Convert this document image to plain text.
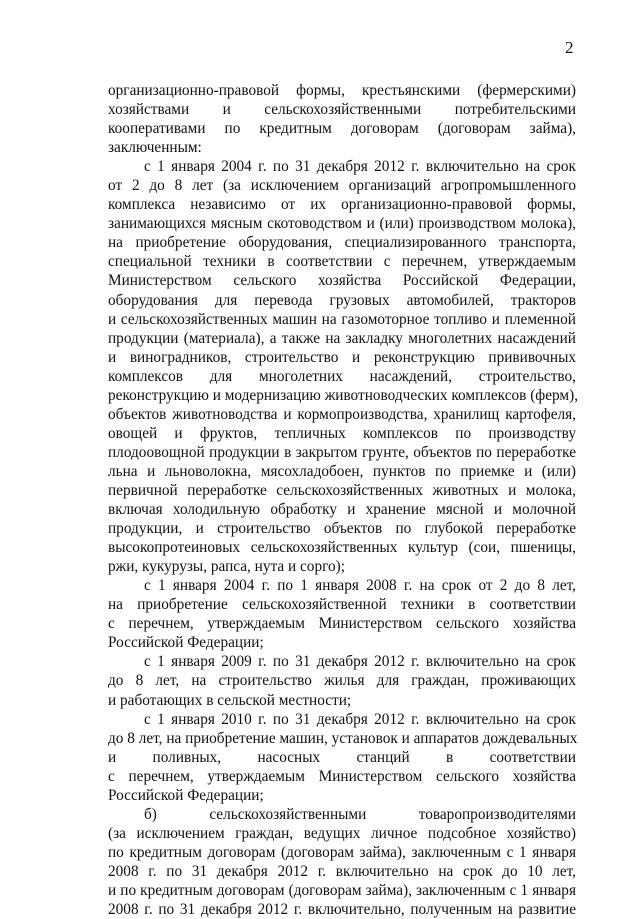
2
организационно-правовой формы, крестьянскими (фермерскими)
хозяйствами и сельскохозяйственными потребительскими
кооперативами по кредитным договорам (договорам займа),
заключенным:
с 1 января 2004 г. по 31 декабря 2012 г. включительно на срок
от 2 до 8 лет (за исключением организаций агропромышленного
комплекса независимо от их организационно-правовой формы,
занимающихся мясным скотоводством и (или) производством молока),
на приобретение оборудования, специализированного транспорта,
специальной техники в соответствии с перечнем, утверждаемым
Министерством сельского хозяйства Российской Федерации,
оборудования для перевода грузовых автомобилей, тракторов
и сельскохозяйственных машин на газомоторное топливо и племенной
продукции (материала), а также на закладку многолетних насаждений
и виноградников, строительство и реконструкцию прививочных
комплексов для многолетних насаждений, строительство,
реконструкцию и модернизацию животноводческих комплексов (ферм),
объектов животноводства и кормопроизводства, хранилищ картофеля,
овощей и фруктов, тепличных комплексов по производству
плодоовощной продукции в закрытом грунте, объектов по переработке
льна и льноволокна, мясохладобоен, пунктов по приемке и (или)
первичной переработке сельскохозяйственных животных и молока,
включая холодильную обработку и хранение мясной и молочной
продукции, и строительство объектов по глубокой переработке
высокопротеиновых сельскохозяйственных культур (сои, пшеницы,
ржи, кукурузы, рапса, нута и сорго);
с 1 января 2004 г. по 1 января 2008 г. на срок от 2 до 8 лет,
на приобретение сельскохозяйственной техники в соответствии
с перечнем, утверждаемым Министерством сельского хозяйства
Российской Федерации;
с 1 января 2009 г. по 31 декабря 2012 г. включительно на срок
до 8 лет, на строительство жилья для граждан, проживающих
и работающих в сельской местности;
с 1 января 2010 г. по 31 декабря 2012 г. включительно на срок
до 8 лет, на приобретение машин, установок и аппаратов дождевальных
и поливных, насосных станций в соответствии
с перечнем, утверждаемым Министерством сельского хозяйства
Российской Федерации;
б) сельскохозяйственными товаропроизводителями
(за исключением граждан, ведущих личное подсобное хозяйство)
по кредитным договорам (договорам займа), заключенным с 1 января
2008 г. по 31 декабря 2012 г. включительно на срок до 10 лет,
и по кредитным договорам (договорам займа), заключенным с 1 января
2008 г. по 31 декабря 2012 г. включительно, полученным на развитие
